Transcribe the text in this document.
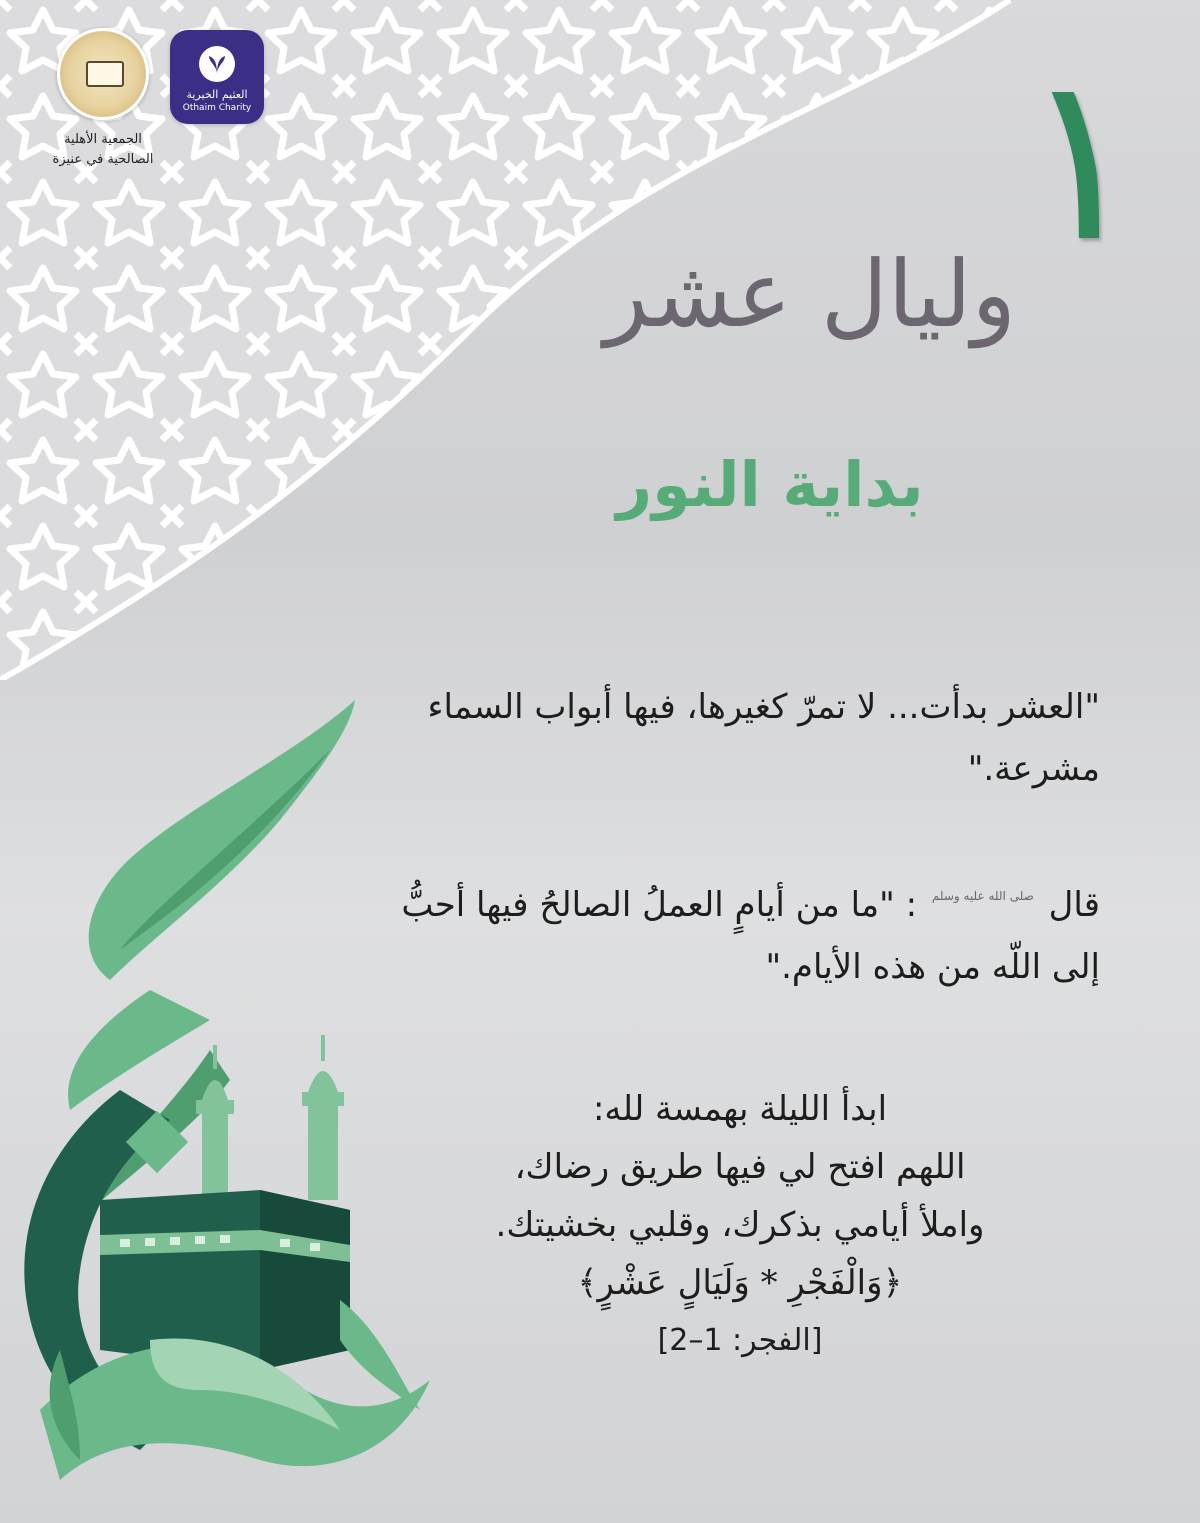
الجمعية الأهلية
الصالحية في عنيزة
العثيم الخيرية
Othaim Charity	١
وليال عشر
بداية النور

"العشر بدأت... لا تمرّ كغيرها، فيها أبواب السماء مشرعة."

قال $^{صلى الله عليه وسلم}$ : "ما من أيامٍ العملُ الصالحُ فيها أحبُّ إلى اللّه من هذه الأيام."

ابدأ الليلة بهمسة لله:
اللهم افتح لي فيها طريق رضاك،
واملأ أيامي بذكرك، وقلبي بخشيتك.
﴿وَالْفَجْرِ * وَلَيَالٍ عَشْرٍ﴾
[الفجر: 1–2]
